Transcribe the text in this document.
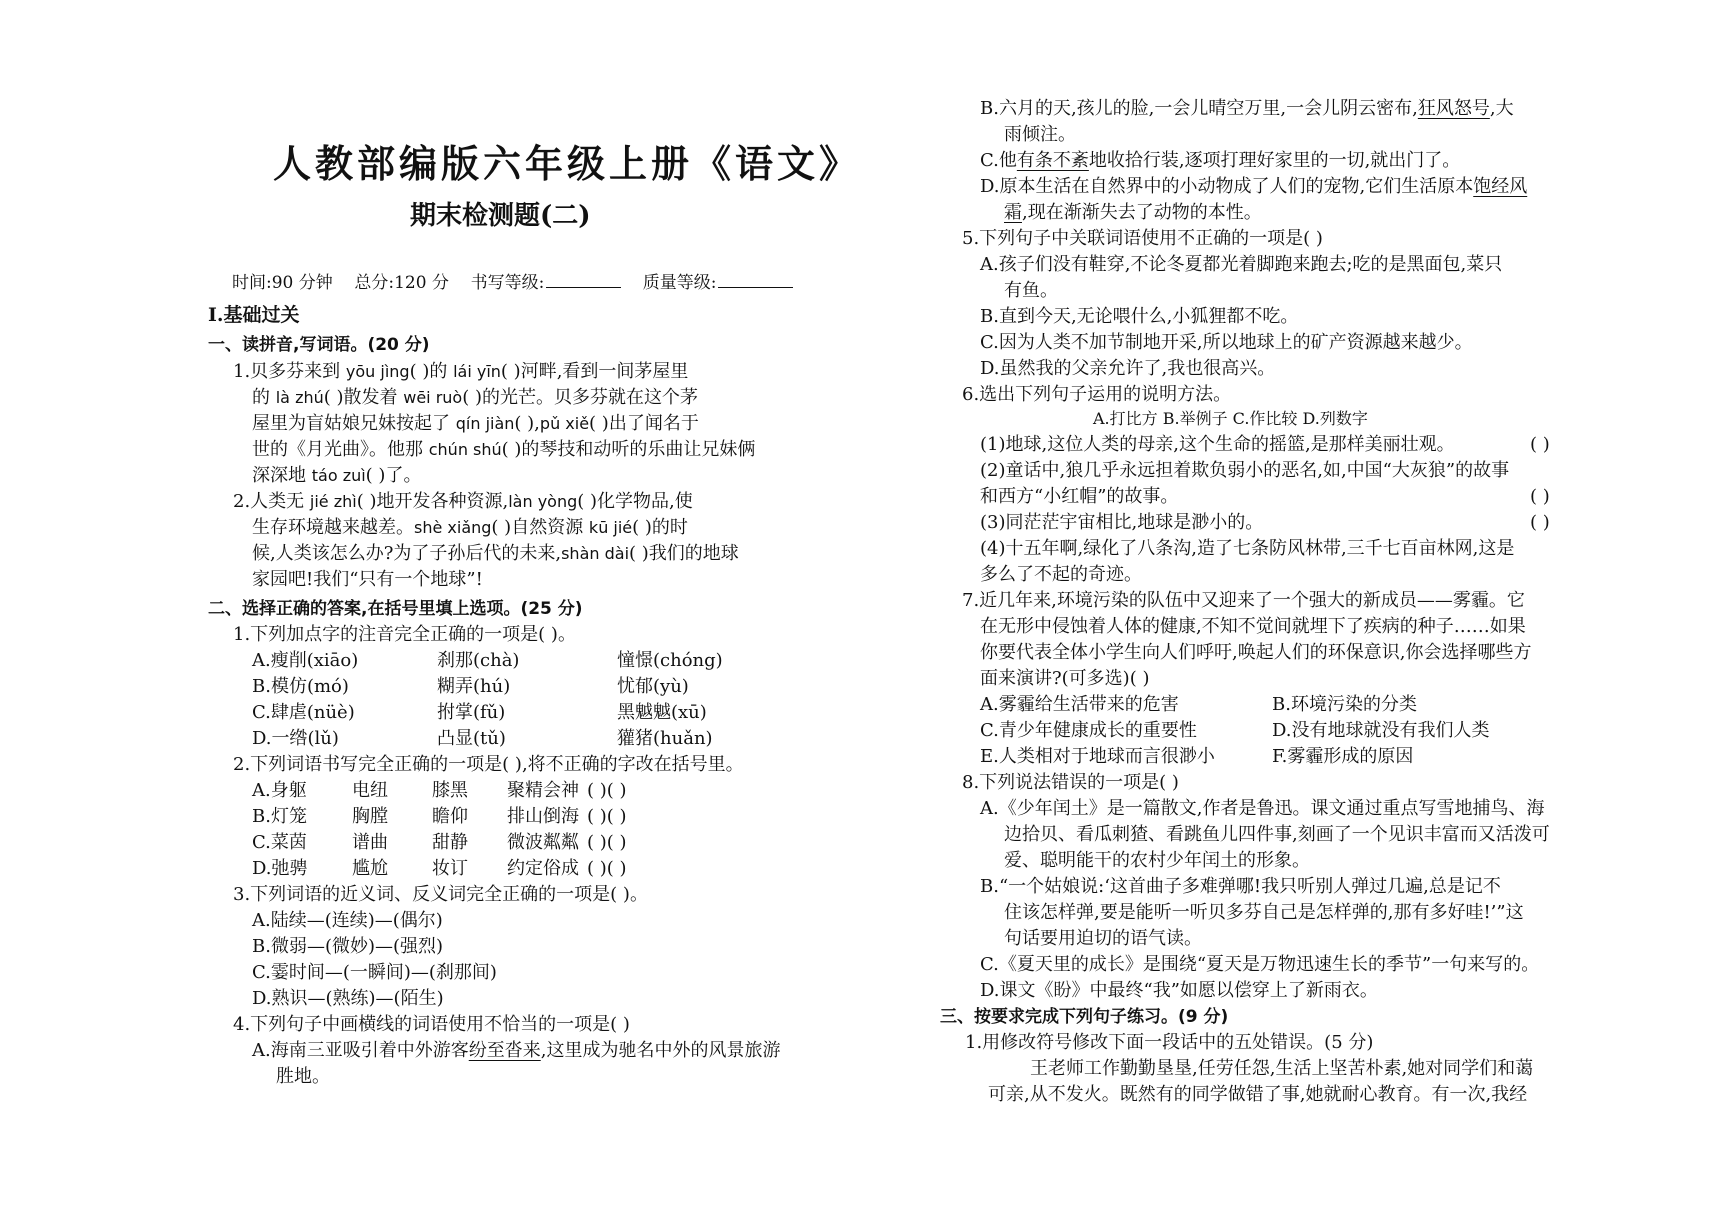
人教部编版六年级上册《语文》
期末检测题(二)
时间:90 分钟 总分:120 分 书写等级:	质量等级:
Ⅰ.基础过关
一、读拼音,写词语。(20 分)
1.贝多芬来到 yōu jìng( )的 lái yīn( )河畔,看到一间茅屋里
的 là zhú( )散发着 wēi ruò( )的光芒。贝多芬就在这个茅
屋里为盲姑娘兄妹按起了 qín jiàn( ),pǔ xiě( )出了闻名于
世的《月光曲》。他那 chún shú( )的琴技和动听的乐曲让兄妹俩
深深地 táo zuì( )了。
2.人类无 jié zhì( )地开发各种资源,làn yòng( )化学物品,使
生存环境越来越差。shè xiǎng( )自然资源 kū jié( )的时
候,人类该怎么办?为了子孙后代的未来,shàn dài( )我们的地球
家园吧!我们“只有一个地球”!
二、选择正确的答案,在括号里填上选项。(25 分)
1.下列加点字的注音完全正确的一项是( )。
A.瘦削(xiāo)	刹那(chà)	憧憬(chóng)
B.模仿(mó)	糊弄(hú)	忧郁(yù)
C.肆虐(nüè)	拊掌(fǔ)	黑魆魆(xū)
D.一绺(lǔ)	凸显(tǔ)	獾猪(huǎn)
2.下列词语书写完全正确的一项是( ),将不正确的字改在括号里。
A.身躯	电纽 膝黑 聚精会神 ( )( )
B.灯笼	胸膛 瞻仰 排山倒海 ( )( )
C.菜茵	谱曲 甜静 微波粼粼 ( )( )
D.弛骋 尴尬 妆订 约定俗成 ( )( )
3.下列词语的近义词、反义词完全正确的一项是( )。
A.陆续—(连续)—(偶尔)
B.微弱—(微妙)—(强烈)
C.霎时间—(一瞬间)—(刹那间)
D.熟识—(熟练)—(陌生)
4.下列句子中画横线的词语使用不恰当的一项是( )
A.海南三亚吸引着中外游客纷至沓来,这里成为驰名中外的风景旅游
胜地。
B.六月的天,孩儿的脸,一会儿晴空万里,一会儿阴云密布,狂风怒号,大
雨倾注。
C.他有条不紊地收拾行装,逐项打理好家里的一切,就出门了。
D.原本生活在自然界中的小动物成了人们的宠物,它们生活原本饱经风
霜,现在渐渐失去了动物的本性。
5.下列句子中关联词语使用不正确的一项是( )
A.孩子们没有鞋穿,不论冬夏都光着脚跑来跑去;吃的是黑面包,菜只
有鱼。
B.直到今天,无论喂什么,小狐狸都不吃。
C.因为人类不加节制地开采,所以地球上的矿产资源越来越少。
D.虽然我的父亲允许了,我也很高兴。
6.选出下列句子运用的说明方法。
A.打比方 B.举例子 C.作比较 D.列数字
(1)地球,这位人类的母亲,这个生命的摇篮,是那样美丽壮观。	( )
(2)童话中,狼几乎永远担着欺负弱小的恶名,如,中国“大灰狼”的故事
和西方“小红帽”的故事。	( )
(3)同茫茫宇宙相比,地球是渺小的。	( )
(4)十五年啊,绿化了八条沟,造了七条防风林带,三千七百亩林网,这是
多么了不起的奇迹。
7.近几年来,环境污染的队伍中又迎来了一个强大的新成员——雾霾。它
在无形中侵蚀着人体的健康,不知不觉间就埋下了疾病的种子……如果
你要代表全体小学生向人们呼吁,唤起人们的环保意识,你会选择哪些方
面来演讲?(可多选)( )
A.雾霾给生活带来的危害	B.环境污染的分类
C.青少年健康成长的重要性	D.没有地球就没有我们人类
E.人类相对于地球而言很渺小	F.雾霾形成的原因
8.下列说法错误的一项是( )
A.《少年闰土》是一篇散文,作者是鲁迅。课文通过重点写雪地捕鸟、海
边拾贝、看瓜刺猹、看跳鱼儿四件事,刻画了一个见识丰富而又活泼可
爱、聪明能干的农村少年闰土的形象。
B.“一个姑娘说:‘这首曲子多难弹哪!我只听别人弹过几遍,总是记不
住该怎样弹,要是能听一听贝多芬自己是怎样弹的,那有多好哇!’”这
句话要用迫切的语气读。
C.《夏天里的成长》是围绕“夏天是万物迅速生长的季节”一句来写的。
D.课文《盼》中最终“我”如愿以偿穿上了新雨衣。
三、按要求完成下列句子练习。(9 分)
1.用修改符号修改下面一段话中的五处错误。(5 分)
王老师工作勤勤垦垦,任劳任怨,生活上坚苦朴素,她对同学们和蔼
可亲,从不发火。既然有的同学做错了事,她就耐心教育。有一次,我经
